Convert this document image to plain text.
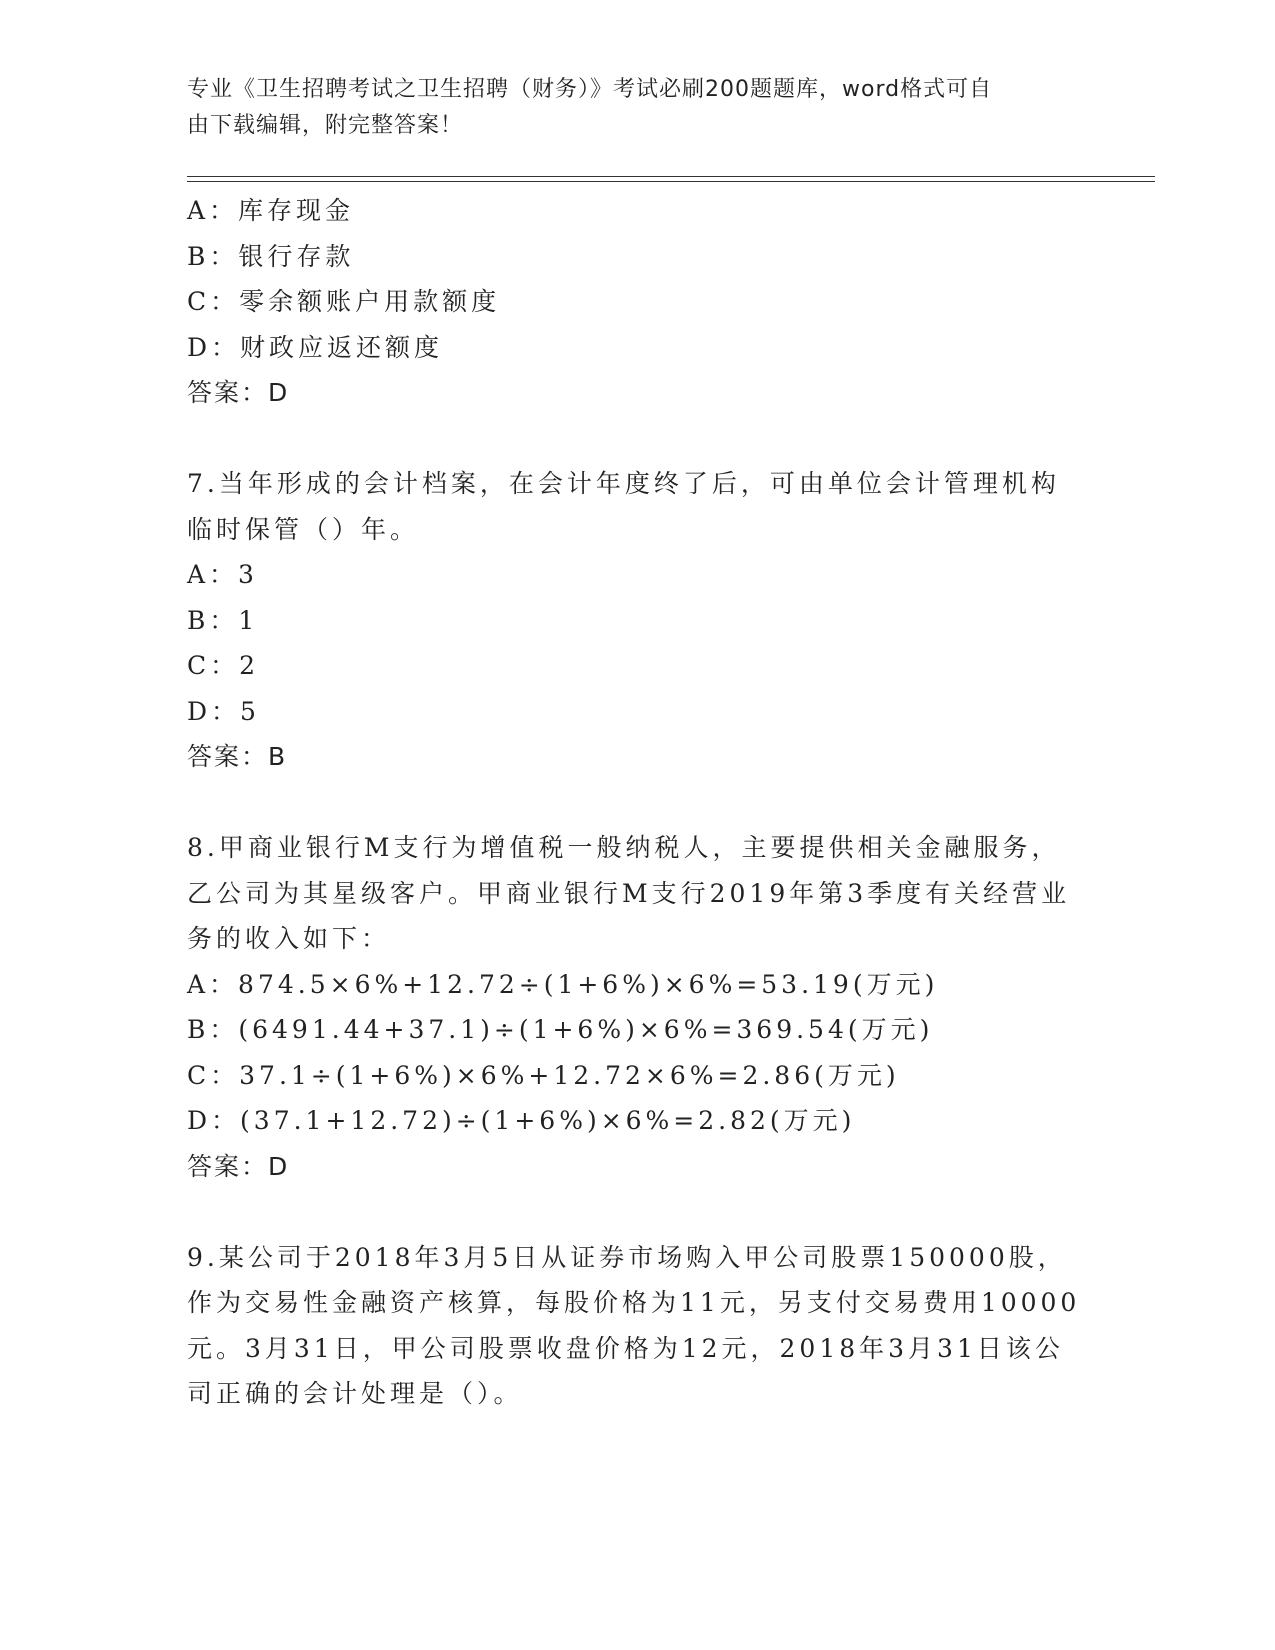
专业《卫生招聘考试之卫生招聘（财务）》考试必刷200题题库，word格式可自
由下载编辑，附完整答案！
A：库存现金
B：银行存款
C：零余额账户用款额度
D：财政应返还额度
答案：D
7.当年形成的会计档案，在会计年度终了后，可由单位会计管理机构
临时保管（）年。
A：3
B：1
C：2
D：5
答案：B
8.甲商业银行M支行为增值税一般纳税人，主要提供相关金融服务，
乙公司为其星级客户。甲商业银行M支行2019年第3季度有关经营业
务的收入如下：
A：874.5×6%+12.72÷(1+6%)×6%=53.19(万元)
B：(6491.44+37.1)÷(1+6%)×6%=369.54(万元)
C：37.1÷(1+6%)×6%+12.72×6%=2.86(万元)
D：(37.1+12.72)÷(1+6%)×6%=2.82(万元)
答案：D
9.某公司于2018年3月5日从证券市场购入甲公司股票150000股，
作为交易性金融资产核算，每股价格为11元，另支付交易费用10000
元。3月31日，甲公司股票收盘价格为12元，2018年3月31日该公
司正确的会计处理是（）。
